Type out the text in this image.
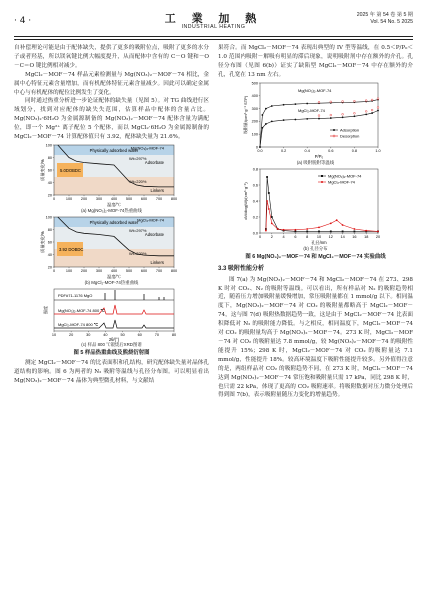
· 4 ·	工 業 加 熱
INDUSTRIAL HEATING
2025 年 第 54 卷 第 5 期
Vol. 54 No. 5 2025

自补偿理论可能是由于配体缺失，提供了更多的吸附位点，吸附了更多的水分子或者羟基，所以镁氧键比例大幅度提升，从而配体中含有的 C－O 键和－O－C＝O 键比例相对减少。

MgCl₂－MOF－74 样品元素检测量与 Mg(NO₃)₂－MOF－74 相比，金属中心特征元素含量增加，而有机配体特征元素含量减少。因此可以确定金属中心与有机配体的配位比例发生了变化。

同时通过热重分析进一步论证配体的缺失量（见图 5）。对 TG 曲线进行区域划分，找到对应配体的缺失失范围，估算样品中配体的含量占比。Mg(NO₃)₂·6H₂O 为金属源制备的 Mg(NO₃)₂－MOF－74 配体含量为满配位，即一个 Mg²⁺ 离子配位 5 个配体，而以 MgCl₂·6H₂O 为金属源制备的 MgCl₂－MOF－74 计算配体值只有 3.92，配体缺失量为 21.6%。

Physically adsorbed water
Adsorbate
Linkers
Wt=297%
5.0DOBDC
Wt=220%
Mg(NO₃)₂-MOF-74
温度/℃
质量变化/%
0	100 200 300 400 500 600 700 800
100
80
60
40
20
(a) Mg(NO₃)₂-MOF-74热重曲线
Physically adsorbed water
Adsorbate
Linkers
Wt=297%
3.92 DOBDC
Wt=220%
MgCl₂-MOF-74
温度/℃
质量变化/%
0	100 200 300 400 500 600 700 800
100
80
60
40
20
(b) MgCl₂-MOF-74热重曲线
PDF#71-1176 MgO
Mg(NO₃)₂-MOF-74 800 ℃
MgCl₂-MOF-74 800 ℃
2θ/(°)
强度
10	20	30	40	50	60	70	80
(c) 样品 800 ℃锻烧后XRD图谱
图 5 样品热重曲线及熊烧衍射图

测定 MgCl₂－MOF－74 的比表面积和孔结构，研究配体缺失量对晶体孔道结构的影响。图 6 为两者的 N₂ 吸附等温线与孔径分布图。可以明显看出 Mg(NO₃)₂－MOF－74 晶体为典型微孔材料，与文献结

果符合。而 MgCl₂－MOF－74 表现出典型的 IV 型等温线，在 0.5＜P/P₀＜1.0 范围内吸附－解吸有明显的滞后现象，说明吸附剂中存在额外的介孔。孔径分布图（见图 6(b)）证实了缺陷型 MgCl₂－MOF－74 中存在额外的介孔，孔宽在 13 nm 左右。

Mg(NO₃)₂-MOF-74
MgCl₂-MOF-74
Adsorption
Desorption
P/P₀
吸附量/(cm³·g⁻¹ STP)
0.0	0.2	0.4	0.6	0.8	1.0
500
400
300
200
100
0
(a) 吸附脱附等温线
Mg(NO₃)₂-MOF-74
MgCl₂-MOF-74
孔径/nm
dV/dlog(W)/(cm³·g⁻¹)
0	2	4	6	8 10 12 14 16 18 20
0.8
0.6
0.4
0.2
0.0
(b) 孔径分布
图 6 Mg(NO₃)₂－MOF－74 和 MgCl₂－MOF－74 实验曲线
3.3 吸附性能分析

图 7(a) 为 Mg(NO₃)₂－MOF－74 和 MgCl₂－MOF－74 在 273、298 K 时对 CO₂、N₂ 的吸附等温线。可以看出，所有样品对 N₂ 的吸附趋势相近，随着压力增加吸附量缓慢增加，常压吸附量都在 1 mmol/g 以下。相同温度下，Mg(NO₃)₂－MOF－74 对 CO₂ 的吸附量都略高于 MgCl₂－MOF－74，这与图 7(d) 吸附热数据趋势一致，这是由于 MgCl₂－MOF－74 比表面积降低对 N₂ 的吸附能力降低。与之相反，相同温度下，MgCl₂－MOF－74 对 CO₂ 的吸附量均高于 Mg(NO₃)₂－MOF－74。273 K 时，MgCl₂－MOF－74 对 CO₂ 的吸附量达 7.8 mmol/g，较 Mg(NO₃)₂－MOF－74 的吸附性能提升 15%；298 K 时，MgCl₂－MOF－74 对 CO₂ 的吸附量达 7.1 mmol/g，性能提升 18%。较高环境温度下吸附性能提升较多。另外值得注意的是，两组样品对 CO₂ 的吸附趋势不同，在 273 K 时，MgCl₂－MOF－74 达到 Mg(NO₃)₂－MOF－74 常压饱和吸附量只需 17 kPa，同比 298 K 时，也只需 22 kPa，体现了更高的 CO₂ 吸附速率。将吸附数据对压力微分处理后得到图 7(b)，表示吸附量随压力变化的增量趋势。
